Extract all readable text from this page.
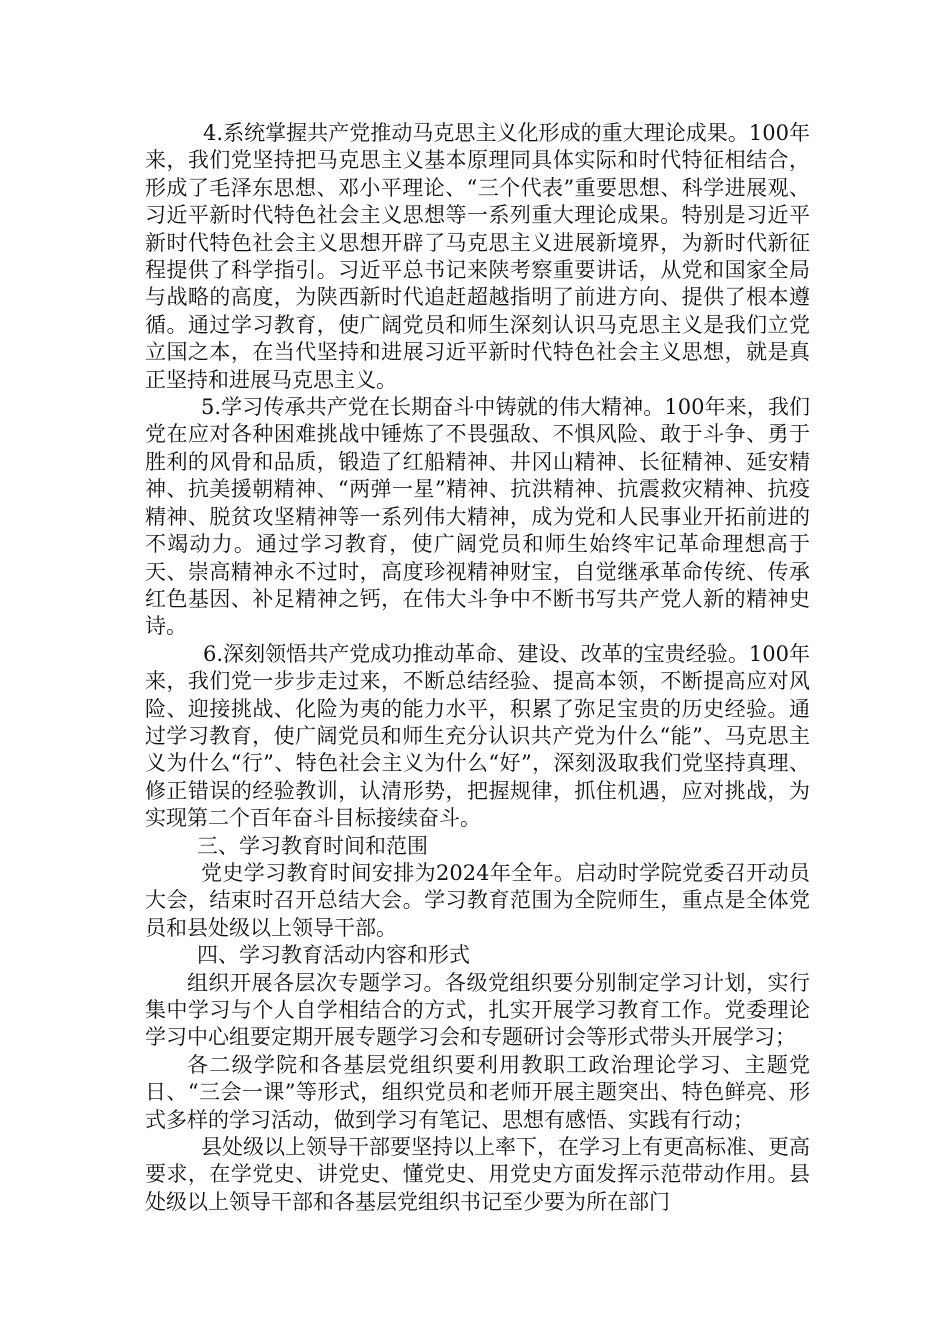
4.系统掌握共产党推动马克思主义化形成的重大理论成果。100年来，我们党坚持把马克思主义基本原理同具体实际和时代特征相结合，形成了毛泽东思想、邓小平理论、“三个代表”重要思想、科学进展观、习近平新时代特色社会主义思想等一系列重大理论成果。特别是习近平新时代特色社会主义思想开辟了马克思主义进展新境界，为新时代新征程提供了科学指引。习近平总书记来陕考察重要讲话，从党和国家全局与战略的高度，为陕西新时代追赶超越指明了前进方向、提供了根本遵循。通过学习教育，使广阔党员和师生深刻认识马克思主义是我们立党立国之本，在当代坚持和进展习近平新时代特色社会主义思想，就是真正坚持和进展马克思主义。

5.学习传承共产党在长期奋斗中铸就的伟大精神。100年来，我们党在应对各种困难挑战中锤炼了不畏强敌、不惧风险、敢于斗争、勇于胜利的风骨和品质，锻造了红船精神、井冈山精神、长征精神、延安精神、抗美援朝精神、“两弹一星”精神、抗洪精神、抗震救灾精神、抗疫精神、脱贫攻坚精神等一系列伟大精神，成为党和人民事业开拓前进的不竭动力。通过学习教育，使广阔党员和师生始终牢记革命理想高于天、崇高精神永不过时，高度珍视精神财宝，自觉继承革命传统、传承红色基因、补足精神之钙，在伟大斗争中不断书写共产党人新的精神史诗。

6.深刻领悟共产党成功推动革命、建设、改革的宝贵经验。100年来，我们党一步步走过来，不断总结经验、提高本领，不断提高应对风险、迎接挑战、化险为夷的能力水平，积累了弥足宝贵的历史经验。通过学习教育，使广阔党员和师生充分认识共产党为什么“能”、马克思主义为什么“行”、特色社会主义为什么“好”，深刻汲取我们党坚持真理、修正错误的经验教训，认清形势，把握规律，抓住机遇，应对挑战，为实现第二个百年奋斗目标接续奋斗。

三、学习教育时间和范围

党史学习教育时间安排为2024年全年。启动时学院党委召开动员大会，结束时召开总结大会。学习教育范围为全院师生，重点是全体党员和县处级以上领导干部。

四、学习教育活动内容和形式

组织开展各层次专题学习。各级党组织要分别制定学习计划，实行集中学习与个人自学相结合的方式，扎实开展学习教育工作。党委理论学习中心组要定期开展专题学习会和专题研讨会等形式带头开展学习；

各二级学院和各基层党组织要利用教职工政治理论学习、主题党日、“三会一课”等形式，组织党员和老师开展主题突出、特色鲜亮、形式多样的学习活动，做到学习有笔记、思想有感悟、实践有行动；

县处级以上领导干部要坚持以上率下，在学习上有更高标准、更高要求，在学党史、讲党史、懂党史、用党史方面发挥示范带动作用。县处级以上领导干部和各基层党组织书记至少要为所在部门
